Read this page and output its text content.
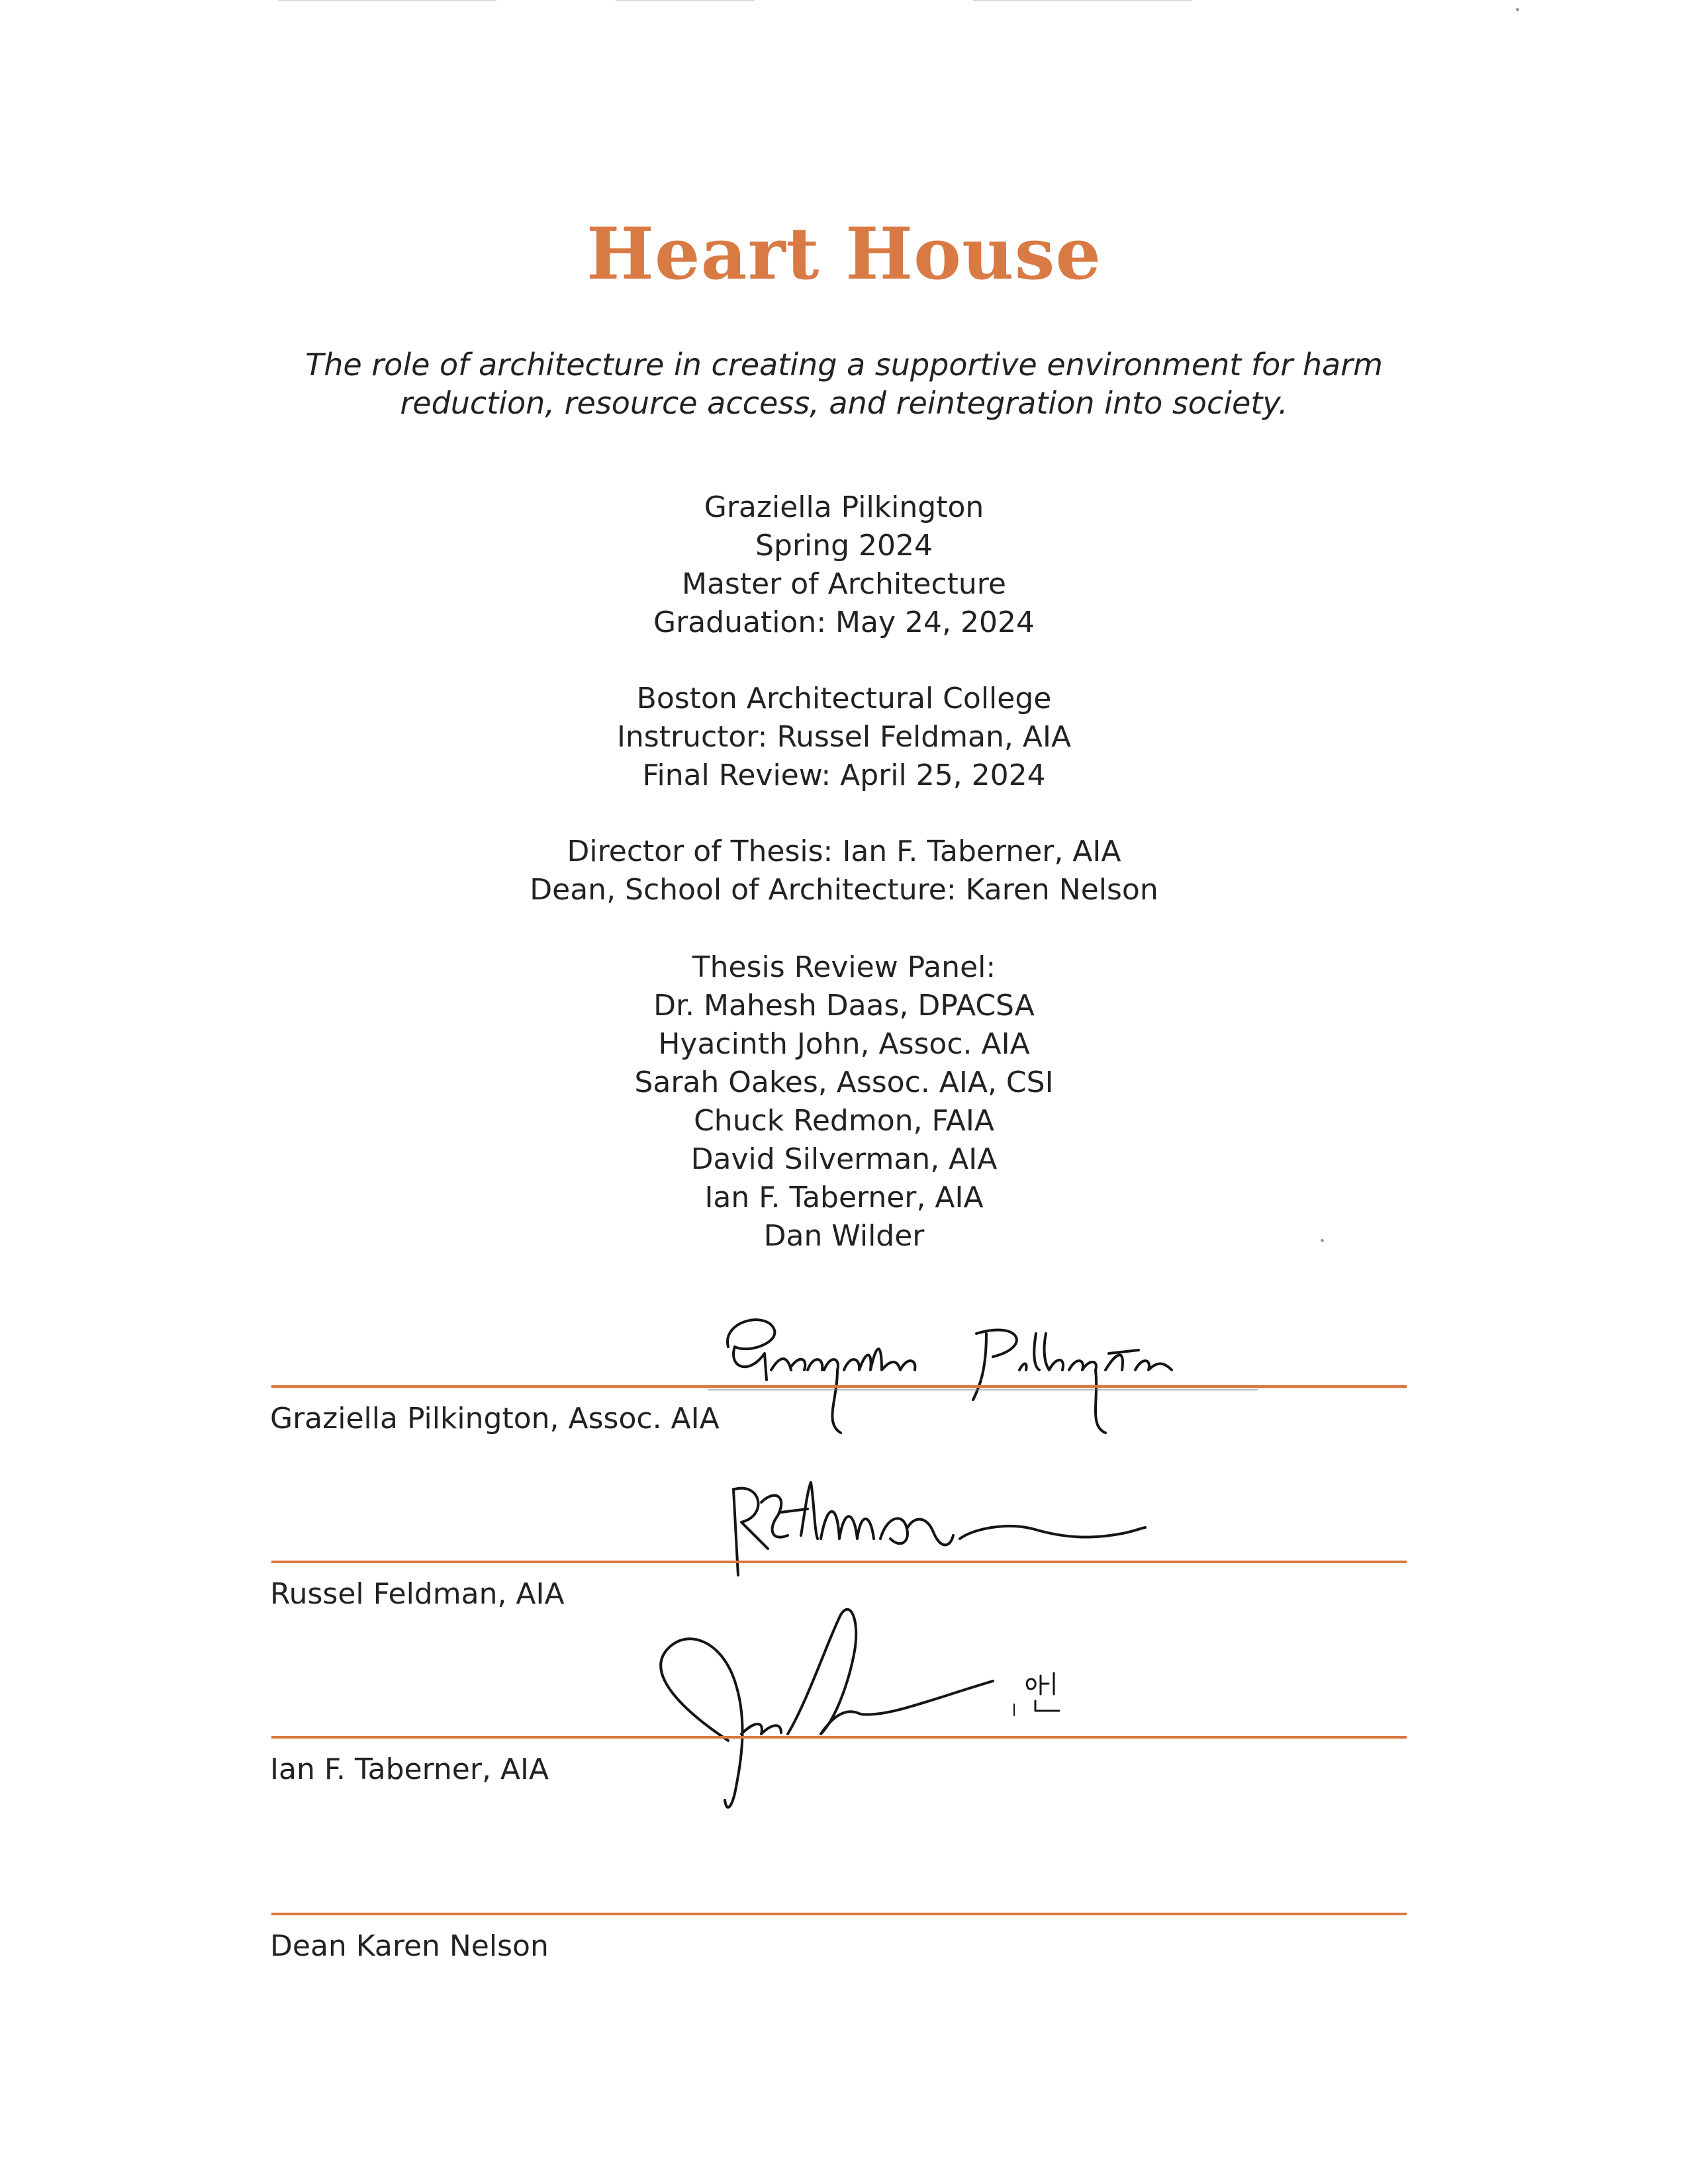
Heart House

The role of architecture in creating a supportive environment for harm reduction, resource access, and reintegration into society.

Graziella Pilkington
Spring 2024
Master of Architecture
Graduation: May 24, 2024
Boston Architectural College
Instructor: Russel Feldman, AIA
Final Review: April 25, 2024
Director of Thesis: Ian F. Taberner, AIA
Dean, School of Architecture: Karen Nelson
Thesis Review Panel:
Dr. Mahesh Daas, DPACSA
Hyacinth John, Assoc. AIA
Sarah Oakes, Assoc. AIA, CSI
Chuck Redmon, FAIA
David Silverman, AIA
Ian F. Taberner, AIA
Dan Wilder
Graziella Pilkington, Assoc. AIA
Russel Feldman, AIA
Ian F. Taberner, AIA
Dean Karen Nelson
